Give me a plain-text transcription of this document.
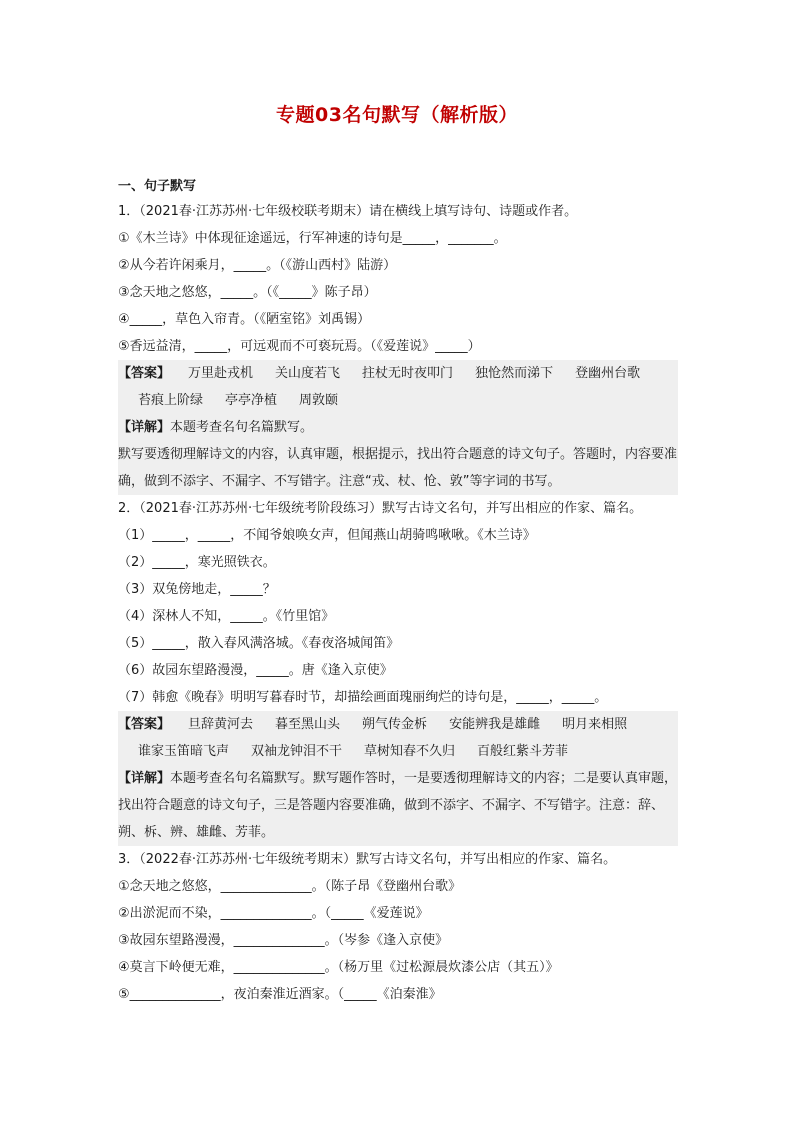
专题03名句默写（解析版）
一、句子默写
1．（2021春·江苏苏州·七年级校联考期末）请在横线上填写诗句、诗题或作者。
①《木兰诗》中体现征途遥远，行军神速的诗句是_____，_______。
②从今若许闲乘月，_____。（《游山西村》陆游）
③念天地之悠悠，_____。（《_____》陈子昂）
④_____，草色入帘青。（《陋室铭》刘禹锡）
⑤香远益清，_____，可远观而不可亵玩焉。（《爱莲说》_____）
【答案】 万里赴戎机 关山度若飞 拄杖无时夜叩门 独怆然而涕下 登幽州台歌
苔痕上阶绿 亭亭净植 周敦颐
【详解】本题考查名句名篇默写。
默写要透彻理解诗文的内容，认真审题，根据提示，找出符合题意的诗文句子。答题时，内容要准确，做到不添字、不漏字、不写错字。注意“戎、杖、怆、敦”等字词的书写。
2．（2021春·江苏苏州·七年级统考阶段练习）默写古诗文名句，并写出相应的作家、篇名。
（1）_____，_____，不闻爷娘唤女声，但闻燕山胡骑鸣啾啾。《木兰诗》
（2）_____，寒光照铁衣。
（3）双兔傍地走，_____？
（4）深林人不知，_____。《竹里馆》
（5）_____，散入春风满洛城。《春夜洛城闻笛》
（6）故园东望路漫漫，_____。唐《逢入京使》
（7）韩愈《晚春》明明写暮春时节，却描绘画面瑰丽绚烂的诗句是，_____，_____。
【答案】 旦辞黄河去 暮至黑山头 朔气传金柝 安能辨我是雄雌 明月来相照
谁家玉笛暗飞声 双袖龙钟泪不干 草树知春不久归 百般红紫斗芳菲
【详解】本题考查名句名篇默写。默写题作答时，一是要透彻理解诗文的内容；二是要认真审题，找出符合题意的诗文句子，三是答题内容要准确，做到不添字、不漏字、不写错字。注意：辞、朔、柝、辨、雄雌、芳菲。
3．（2022春·江苏苏州·七年级统考期末）默写古诗文名句，并写出相应的作家、篇名。
①念天地之悠悠，______________。（陈子昂《登幽州台歌》
②出淤泥而不染，______________。（_____《爱莲说》
③故园东望路漫漫，______________。（岑参《逢入京使》
④莫言下岭便无难，______________。（杨万里《过松源晨炊漆公店（其五）》
⑤______________，夜泊秦淮近酒家。（_____《泊秦淮》
